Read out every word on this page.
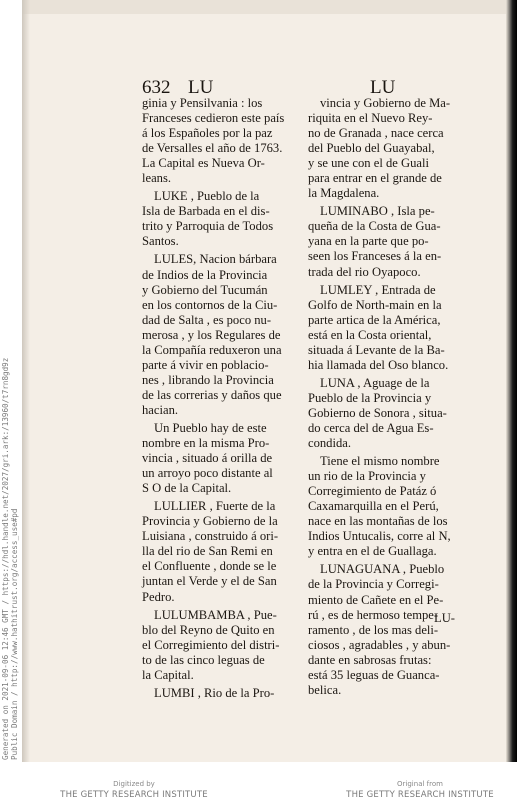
632 LU	LU

ginia y Pensilvania : los
Franceses cedieron este país
á los Españoles por la paz
de Versalles el año de 1763.
La Capital es Nueva Or-
leans.

LUKE , Pueblo de la
Isla de Barbada en el dis-
trito y Parroquia de Todos
Santos.

LULES, Nacion bárbara
de Indios de la Provincia
y Gobierno del Tucumán
en los contornos de la Ciu-
dad de Salta , es poco nu-
merosa , y los Regulares de
la Compañía reduxeron una
parte á vivir en poblacio-
nes , librando la Provincia
de las correrias y daños que
hacian.

Un Pueblo hay de este
nombre en la misma Pro-
vincia , situado á orilla de
un arroyo poco distante al
S O de la Capital.

LULLIER , Fuerte de la
Provincia y Gobierno de la
Luisiana , construido á ori-
lla del rio de San Remi en
el Confluente , donde se le
juntan el Verde y el de San
Pedro.

LULUMBAMBA , Pue-
blo del Reyno de Quito en
el Corregimiento del distri-
to de las cinco leguas de
la Capital.

LUMBI , Rio de la Pro-

vincia y Gobierno de Ma-
riquita en el Nuevo Rey-
no de Granada , nace cerca
del Pueblo del Guayabal,
y se une con el de Guali
para entrar en el grande de
la Magdalena.

LUMINABO , Isla pe-
queña de la Costa de Gua-
yana en la parte que po-
seen los Franceses á la en-
trada del rio Oyapoco.

LUMLEY , Entrada de
Golfo de North-main en la
parte artica de la América,
está en la Costa oriental,
situada á Levante de la Ba-
hia llamada del Oso blanco.

LUNA , Aguage de la
Pueblo de la Provincia y
Gobierno de Sonora , situa-
do cerca del de Agua Es-
condida.

Tiene el mismo nombre
un rio de la Provincia y
Corregimiento de Patáz ó
Caxamarquilla en el Perú,
nace en las montañas de los
Indios Untucalis, corre al N,
y entra en el de Guallaga.

LUNAGUANA , Pueblo
de la Provincia y Corregi-
miento de Cañete en el Pe-
rú , es de hermoso tempe-
ramento , de los mas deli-
ciosos , agradables , y abun-
dante en sabrosas frutas:
está 35 leguas de Guanca-
belica.

LU-
Generated on 2021-09-06 12:46 GMT / https://hdl.handle.net/2027/gri.ark:/13960/t7rn8gd9z Public Domain / http://www.hathitrust.org/access_use#pd
Digitized by
THE GETTY RESEARCH INSTITUTE
Original from
THE GETTY RESEARCH INSTITUTE
